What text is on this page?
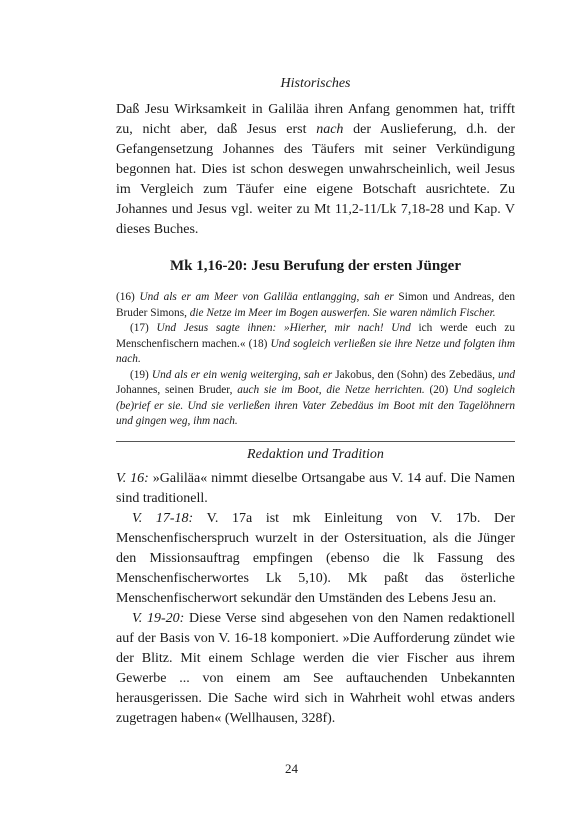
Historisches

Daß Jesu Wirksamkeit in Galiläa ihren Anfang genommen hat, trifft zu, nicht aber, daß Jesus erst nach der Auslieferung, d.h. der Gefangensetzung Johannes des Täufers mit seiner Verkündigung begonnen hat. Dies ist schon deswegen unwahrscheinlich, weil Jesus im Vergleich zum Täufer eine eigene Botschaft ausrichtete. Zu Johannes und Jesus vgl. weiter zu Mt 11,2-11/Lk 7,18-28 und Kap. V dieses Buches.

Mk 1,16-20: Jesu Berufung der ersten Jünger

(16) Und als er am Meer von Galiläa entlangging, sah er Simon und Andreas, den Bruder Simons, die Netze im Meer im Bogen auswerfen. Sie waren nämlich Fischer.

(17) Und Jesus sagte ihnen: »Hierher, mir nach! Und ich werde euch zu Menschenfischern machen.« (18) Und sogleich verließen sie ihre Netze und folgten ihm nach.

(19) Und als er ein wenig weiterging, sah er Jakobus, den (Sohn) des Zebedäus, und Johannes, seinen Bruder, auch sie im Boot, die Netze herrichten. (20) Und sogleich (be)rief er sie. Und sie verließen ihren Vater Zebedäus im Boot mit den Tagelöhnern und gingen weg, ihm nach.

Redaktion und Tradition

V. 16: »Galiläa« nimmt dieselbe Ortsangabe aus V. 14 auf. Die Namen sind traditionell.

V. 17-18: V. 17a ist mk Einleitung von V. 17b. Der Menschenfischerspruch wurzelt in der Ostersituation, als die Jünger den Missionsauftrag empfingen (ebenso die lk Fassung des Menschenfischerwortes Lk 5,10). Mk paßt das österliche Menschenfischerwort sekundär den Umständen des Lebens Jesu an.

V. 19-20: Diese Verse sind abgesehen von den Namen redaktionell auf der Basis von V. 16-18 komponiert. »Die Aufforderung zündet wie der Blitz. Mit einem Schlage werden die vier Fischer aus ihrem Gewerbe ... von einem am See auftauchenden Unbekannten herausgerissen. Die Sache wird sich in Wahrheit wohl etwas anders zugetragen haben« (Wellhausen, 328f).

24
